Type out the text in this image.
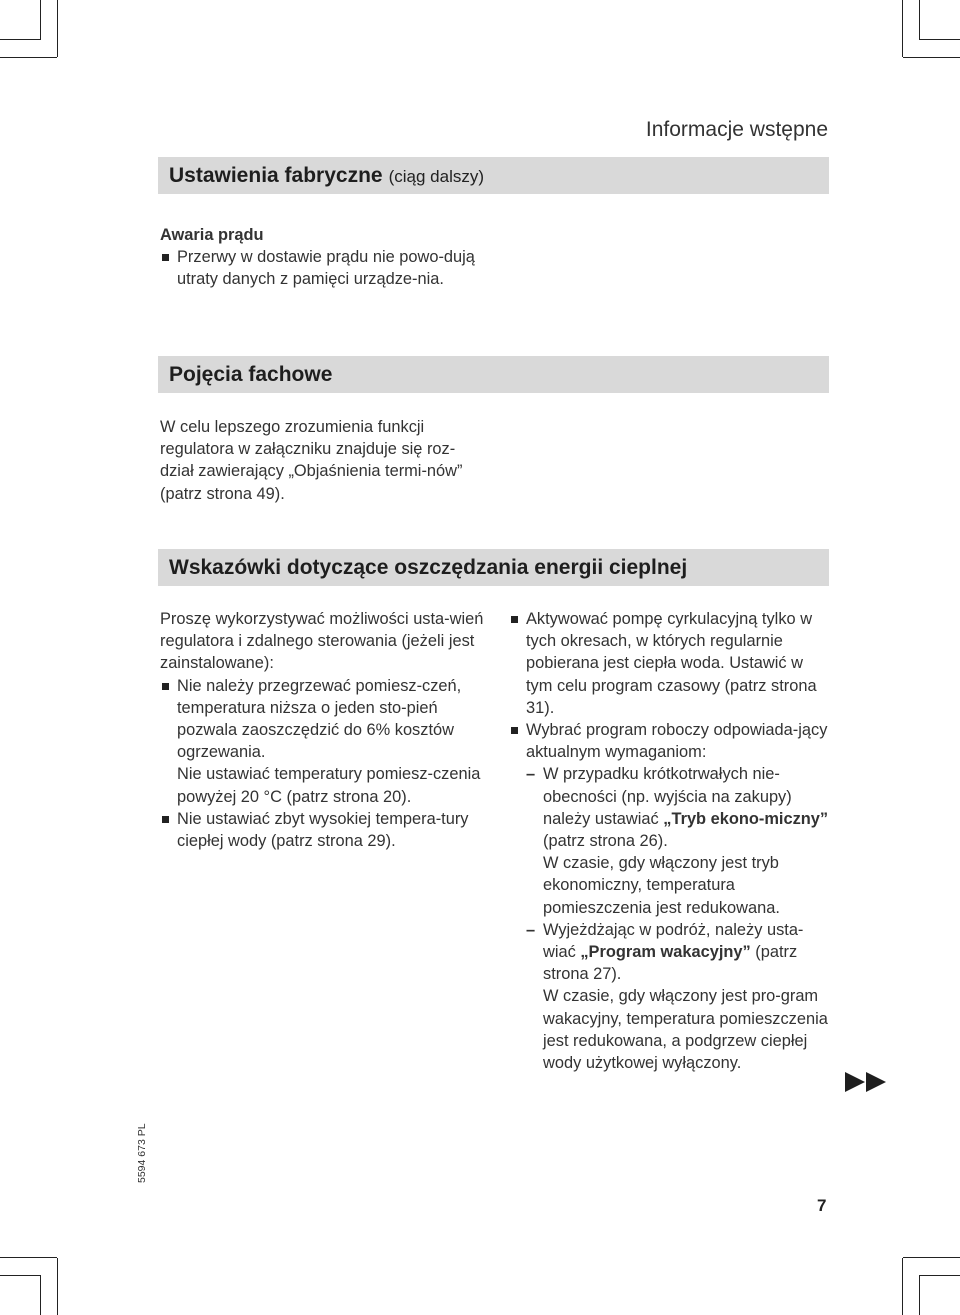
Informacje wstępne
Ustawienia fabryczne (ciąg dalszy)

Awaria prądu

Przerwy w dostawie prądu nie powo-dują utraty danych z pamięci urządze-nia.
Pojęcia fachowe

W celu lepszego zrozumienia funkcji regulatora w załączniku znajduje się roz-dział zawierający „Objaśnienia termi-nów” (patrz strona 49).

Wskazówki dotyczące oszczędzania energii cieplnej

Proszę wykorzystywać możliwości usta-wień regulatora i zdalnego sterowania (jeżeli jest zainstalowane):

Nie należy przegrzewać pomiesz-czeń, temperatura niższa o jeden sto-pień pozwala zaoszczędzić do 6% kosztów ogrzewania.

Nie ustawiać temperatury pomiesz-czenia powyżej 20 °C (patrz strona 20).

Nie ustawiać zbyt wysokiej tempera-tury ciepłej wody (patrz strona 29).
Aktywować pompę cyrkulacyjną tylko w tych okresach, w których regularnie pobierana jest ciepła woda. Ustawić w tym celu program czasowy (patrz strona 31).
Wybrać program roboczy odpowiada-jący aktualnym wymaganiom:
– W przypadku krótkotrwałych nie-obecności (np. wyjścia na zakupy) należy ustawiać „Tryb ekono-miczny” (patrz strona 26).

W czasie, gdy włączony jest tryb ekonomiczny, temperatura pomieszczenia jest redukowana.

– Wyjeżdżając w podróż, należy usta-wiać „Program wakacyjny” (patrz strona 27).

W czasie, gdy włączony jest pro-gram wakacyjny, temperatura pomieszczenia jest redukowana, a podgrzew ciepłej wody użytkowej wyłączony.

5594 673 PL
7
